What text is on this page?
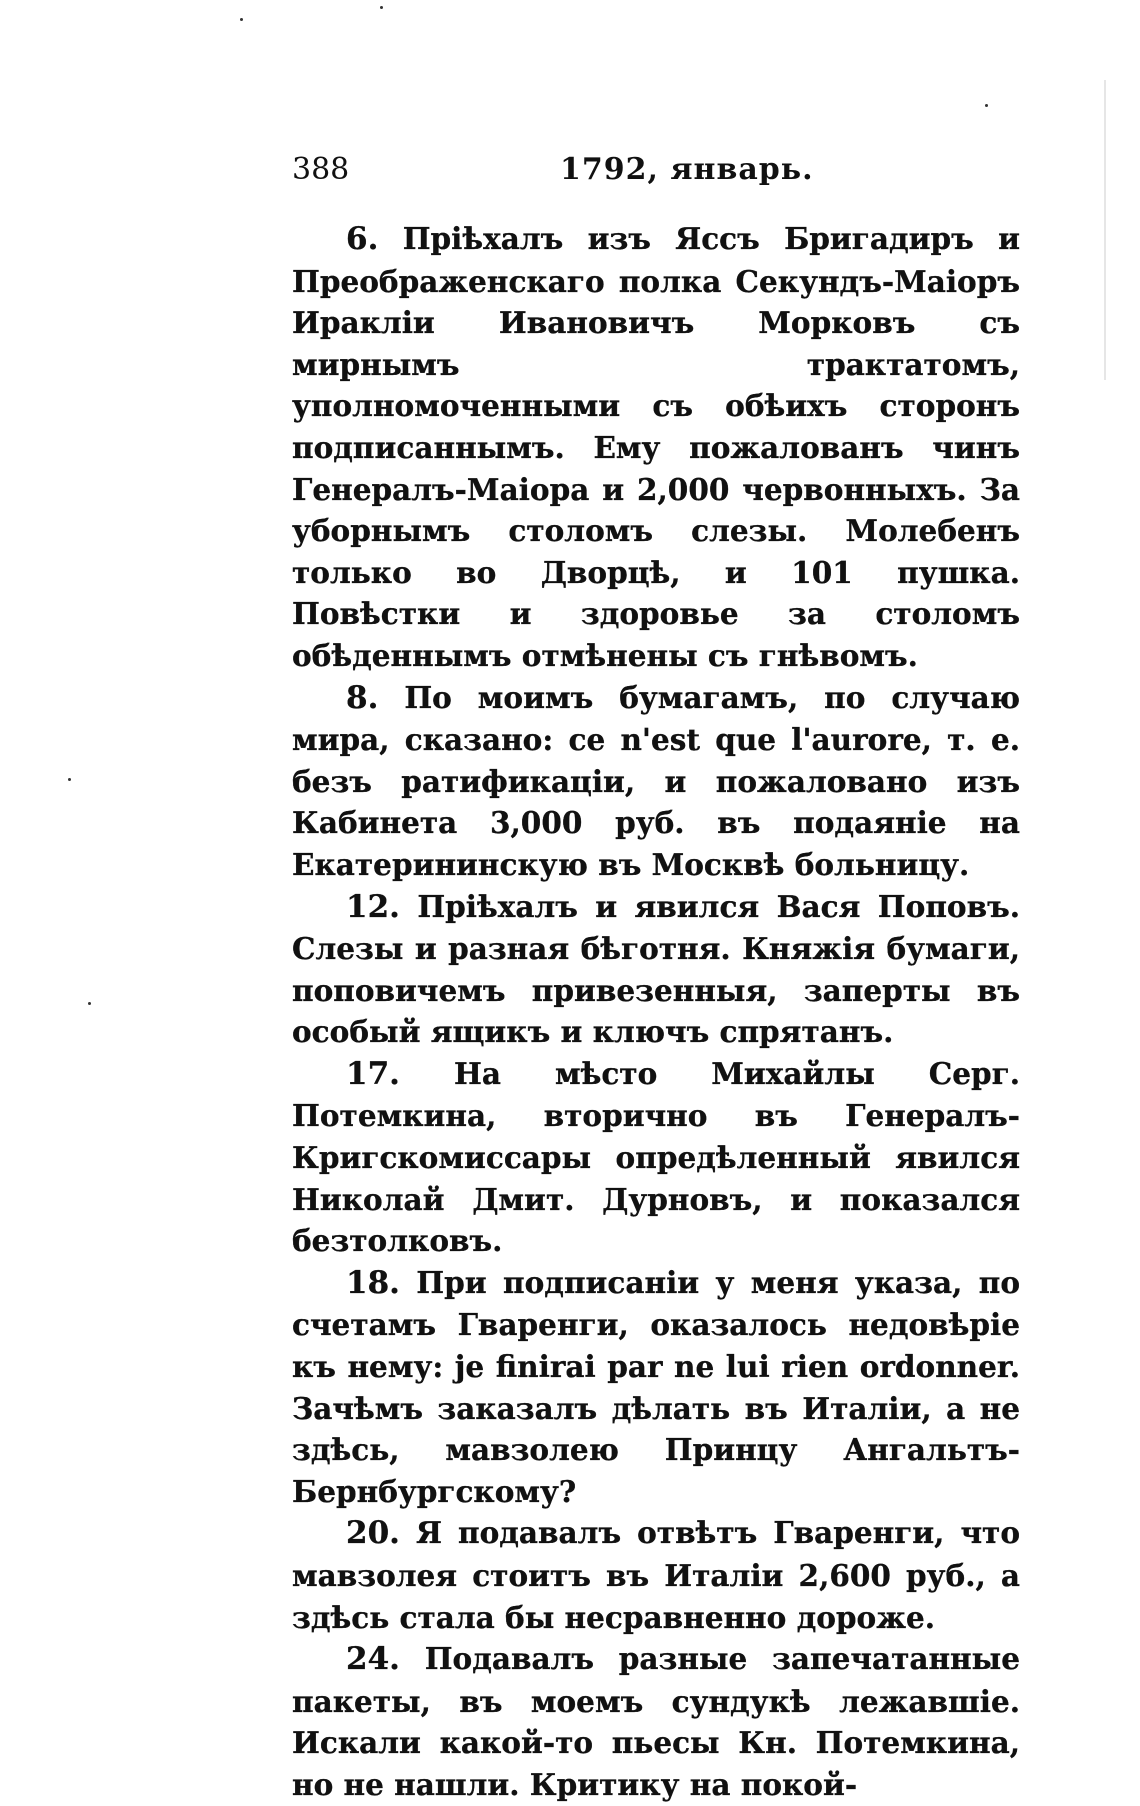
388	1792, январь.

6. Пріѣхалъ изъ Яссъ Бригадиръ и Преображенскаго полка Секундъ-Маіоръ Иракліи Ивановичъ Морковъ съ мирнымъ трактатомъ, уполномоченными съ обѣихъ сторонъ подписаннымъ. Ему пожалованъ чинъ Генералъ-Маіора и 2,000 червонныхъ. За уборнымъ столомъ слезы. Молебенъ только во Дворцѣ, и 101 пушка. Повѣстки и здоровье за столомъ обѣденнымъ отмѣнены съ гнѣвомъ.

8. По моимъ бумагамъ, по случаю мира, сказано: ce n'est que l'aurore, т. е. безъ ратификаціи, и пожаловано изъ Кабинета 3,000 руб. въ подаяніе на Екатерининскую въ Москвѣ больницу.

12. Пріѣхалъ и явился Вася Поповъ. Слезы и разная бѣготня. Княжія бумаги, поповичемъ привезенныя, заперты въ особый ящикъ и ключъ спрятанъ.

17. На мѣсто Михайлы Серг. Потемкина, вторично въ Генералъ-Кригскомиссары опредѣленный явился Николай Дмит. Дурновъ, и показался безтолковъ.

18. При подписаніи у меня указа, по счетамъ Гваренги, оказалось недовѣріе къ нему: je finirai par ne lui rien ordonner. Зачѣмъ заказалъ дѣлать въ Италіи, а не здѣсь, мавзолею Принцу Ангальтъ-Бернбургскому?

20. Я подавалъ отвѣтъ Гваренги, что мавзолея стоитъ въ Италіи 2,600 руб., а здѣсь стала бы несравненно дороже.

24. Подавалъ разные запечатанные пакеты, въ моемъ сундукѣ лежавшіе. Искали какой-то пьесы Кн. Потемкина, но не нашли. Критику на покой-
